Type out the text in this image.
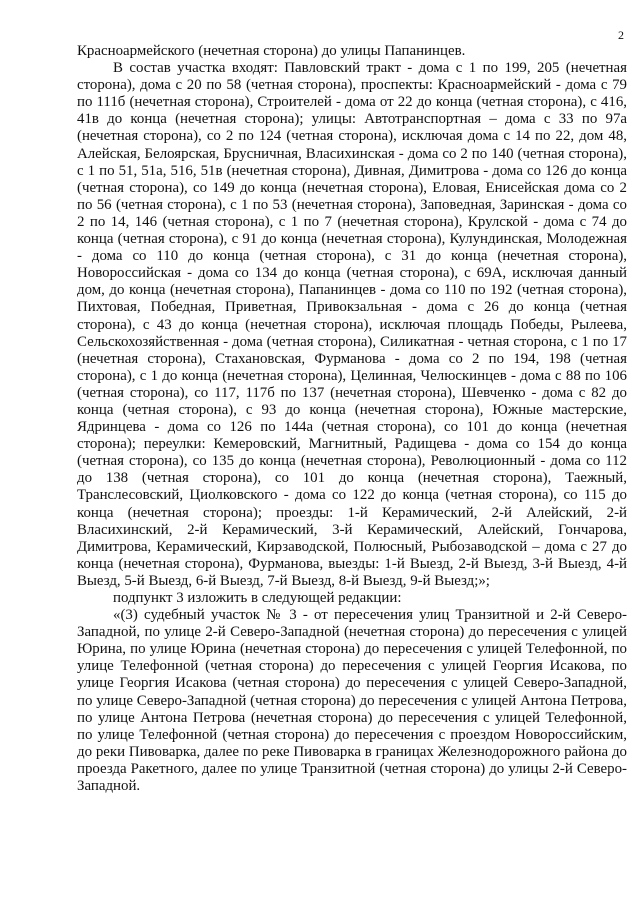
2

Красноармейского (нечетная сторона) до улицы Папанинцев.

В состав участка входят: Павловский тракт - дома с 1 по 199, 205 (нечетная сторона), дома с 20 по 58 (четная сторона), проспекты: Красноармейский - дома с 79 по 111б (нечетная сторона), Строителей - дома от 22 до конца (четная сторона), с 416, 41в до конца (нечетная сторона); улицы: Автотранспортная – дома с 33 по 97а (нечетная сторона), со 2 по 124 (четная сторона), исключая дома с 14 по 22, дом 48, Алейская, Белоярская, Брусничная, Власихинская - дома со 2 по 140 (четная сторона), с 1 по 51, 51а, 516, 51в (нечетная сторона), Дивная, Димитрова - дома со 126 до конца (четная сторона), со 149 до конца (нечетная сторона), Еловая, Енисейская дома со 2 по 56 (четная сторона), с 1 по 53 (нечетная сторона), Заповедная, Заринская - дома со 2 по 14, 146 (четная сторона), с 1 по 7 (нечетная сторона), Крулской - дома с 74 до конца (четная сторона), с 91 до конца (нечетная сторона), Кулундинская, Молодежная - дома со 110 до конца (четная сторона), с 31 до конца (нечетная сторона), Новороссийская - дома со 134 до конца (четная сторона), с 69А, исключая данный дом, до конца (нечетная сторона), Папанинцев - дома со 110 по 192 (четная сторона), Пихтовая, Победная, Приветная, Привокзальная - дома с 26 до конца (четная сторона), с 43 до конца (нечетная сторона), исключая площадь Победы, Рылеева, Сельскохозяйственная - дома (четная сторона), Силикатная - четная сторона, с 1 по 17 (нечетная сторона), Стахановская, Фурманова - дома со 2 по 194, 198 (четная сторона), с 1 до конца (нечетная сторона), Целинная, Челюскинцев - дома с 88 по 106 (четная сторона), со 117, 117б по 137 (нечетная сторона), Шевченко - дома с 82 до конца (четная сторона), с 93 до конца (нечетная сторона), Южные мастерские, Ядринцева - дома со 126 по 144а (четная сторона), со 101 до конца (нечетная сторона); переулки: Кемеровский, Магнитный, Радищева - дома со 154 до конца (четная сторона), со 135 до конца (нечетная сторона), Революционный - дома со 112 до 138 (четная сторона), со 101 до конца (нечетная сторона), Таежный, Транслесовский, Циолковского - дома со 122 до конца (четная сторона), со 115 до конца (нечетная сторона); проезды: 1-й Керамический, 2-й Алейский, 2-й Власихинский, 2-й Керамический, 3-й Керамический, Алейский, Гончарова, Димитрова, Керамический, Кирзаводской, Полюсный, Рыбозаводской – дома с 27 до конца (нечетная сторона), Фурманова, выезды: 1-й Выезд, 2-й Выезд, 3-й Выезд, 4-й Выезд, 5-й Выезд, 6-й Выезд, 7-й Выезд, 8-й Выезд, 9-й Выезд;»;

подпункт 3 изложить в следующей редакции:

«(3) судебный участок № 3 - от пересечения улиц Транзитной и 2-й Северо-Западной, по улице 2-й Северо-Западной (нечетная сторона) до пересечения с улицей Юрина, по улице Юрина (нечетная сторона) до пересечения с улицей Телефонной, по улице Телефонной (четная сторона) до пересечения с улицей Георгия Исакова, по улице Георгия Исакова (четная сторона) до пересечения с улицей Северо-Западной, по улице Северо-Западной (четная сторона) до пересечения с улицей Антона Петрова, по улице Антона Петрова (нечетная сторона) до пересечения с улицей Телефонной, по улице Телефонной (четная сторона) до пересечения с проездом Новороссийским, до реки Пивоварка, далее по реке Пивоварка в границах Железнодорожного района до проезда Ракетного, далее по улице Транзитной (четная сторона) до улицы 2-й Северо-Западной.
